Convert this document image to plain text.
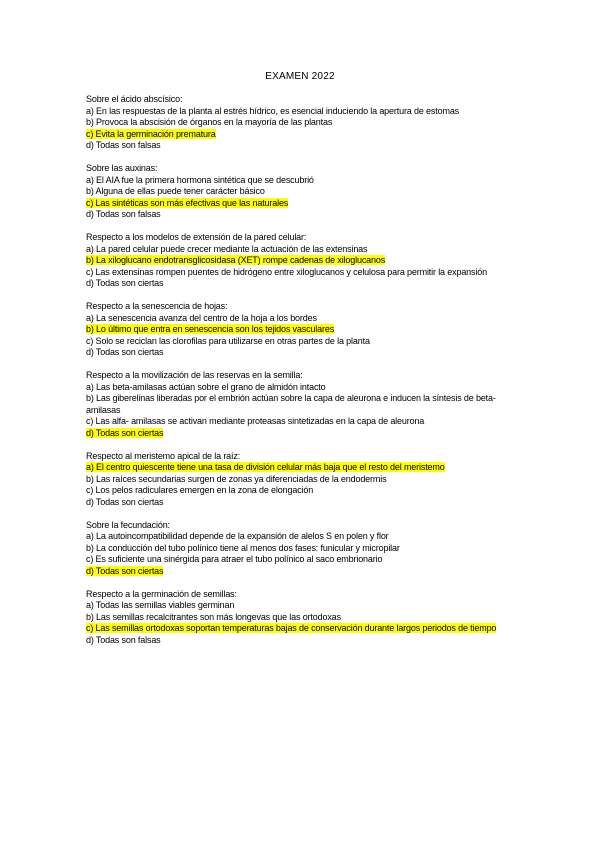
EXAMEN 2022
Sobre el ácido abscísico:
a) En las respuestas de la planta al estrés hídrico, es esencial induciendo la apertura de estomas
b) Provoca la abscisión de órganos en la mayoría de las plantas
c) Evita la germinación prematura
d) Todas son falsas
Sobre las auxinas:
a) El AIA fue la primera hormona sintética que se descubrió
b) Alguna de ellas puede tener carácter básico
c) Las sintéticas son más efectivas que las naturales
d) Todas son falsas
Respecto a los modelos de extensión de la pared celular:
a) La pared celular puede crecer mediante la actuación de las extensinas
b) La xiloglucano endotransglicosidasa (XET) rompe cadenas de xiloglucanos
c) Las extensinas rompen puentes de hidrógeno entre xiloglucanos y celulosa para permitir la expansión
d) Todas son ciertas
Respecto a la senescencia de hojas:
a) La senescencia avanza del centro de la hoja a los bordes
b) Lo último que entra en senescencia son los tejidos vasculares
c) Solo se reciclan las clorofilas para utilizarse en otras partes de la planta
d) Todas son ciertas
Respecto a la movilización de las reservas en la semilla:
a) Las beta-amilasas actúan sobre el grano de almidón intacto
b) Las giberelinas liberadas por el embrión actúan sobre la capa de aleurona e inducen la síntesis de beta-amilasas
c) Las alfa- amilasas se activan mediante proteasas sintetizadas en la capa de aleurona
d) Todas son ciertas
Respecto al meristemo apical de la raíz:
a) El centro quiescente tiene una tasa de división celular más baja que el resto del meristemo
b) Las raíces secundarias surgen de zonas ya diferenciadas de la endodermis
c) Los pelos radiculares emergen en la zona de elongación
d) Todas son ciertas
Sobre la fecundación:
a) La autoincompatibilidad depende de la expansión de alelos S en polen y flor
b) La conducción del tubo polínico tiene al menos dos fases: funicular y micropilar
c) Es suficiente una sinérgida para atraer el tubo polínico al saco embrionario
d) Todas son ciertas
Respecto a la germinación de semillas:
a) Todas las semillas viables germinan
b) Las semillas recalcitrantes son más longevas que las ortodoxas
c) Las semillas ortodoxas soportan temperaturas bajas de conservación durante largos periodos de tiempo
d) Todas son falsas
